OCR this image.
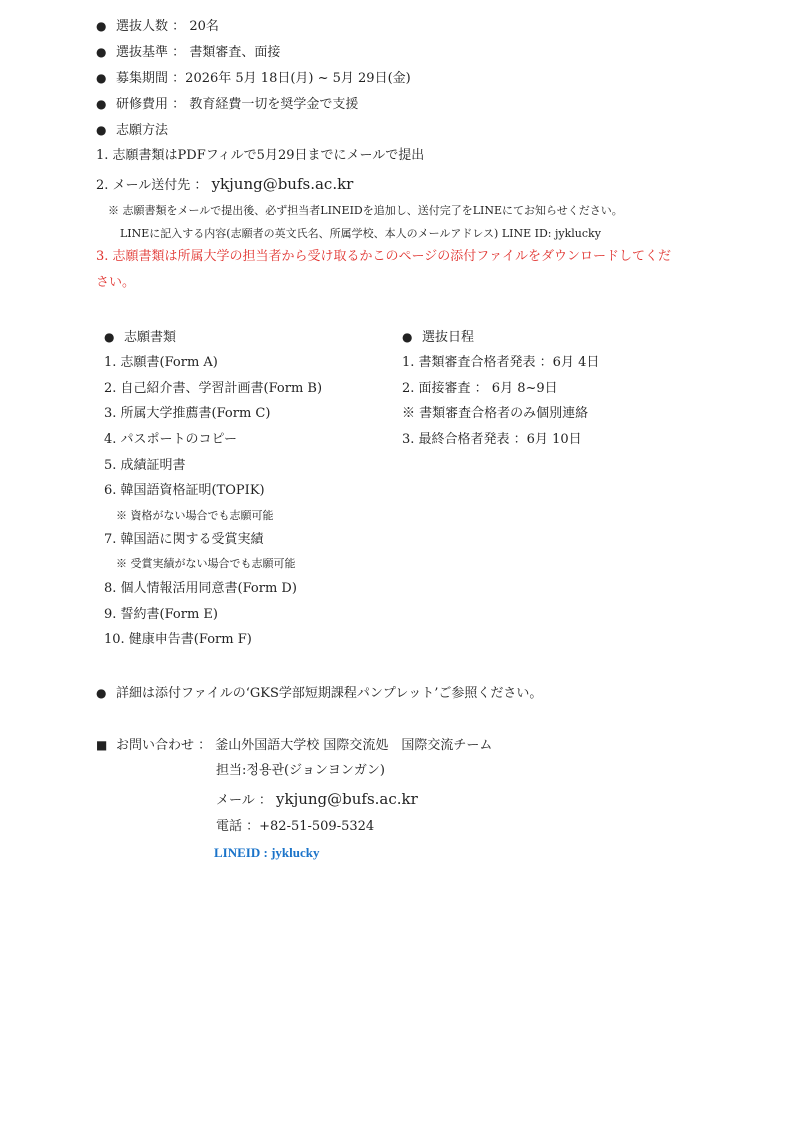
● 選抜人数 ： 20名
● 選抜基準 ： 書類審査、面接
● 募集期間 ：2026年 5月 18日(月) ~ 5月 29日(金)
● 研修費用 ： 教育経費一切を奨学金で支援
● 志願方法
1. 志願書類はPDFフィルで5月29日までにメールで提出
2. メール送付先 ： ykjung@bufs.ac.kr
※ 志願書類をメールで提出後、必ず担当者LINEIDを追加し、送付完了をLINEにてお知らせください。
LINEに記入する内容(志願者の英文氏名、所属学校、本人のメールアドレス) LINE ID: jyklucky
3. 志願書類は所属大学の担当者から受け取るかこのページの添付ファイルをダウンロードしてくだ
さい。
● 志願書類
1. 志願書(Form A)
2. 自己紹介書、学習計画書(Form B)
3. 所属大学推薦書(Form C)
4. パスポートのコピー
5. 成績証明書
6. 韓国語資格証明(TOPIK)
※ 資格がない場合でも志願可能
7. 韓国語に関する受賞実績
※ 受賞実績がない場合でも志願可能
8. 個人情報活用同意書(Form D)
9. 誓約書(Form E)
10. 健康申告書(Form F)
● 選抜日程
1. 書類審査合格者発表 ：6月 4日
2. 面接審査 ： 6月 8~9日
※ 書類審査合格者のみ個別連絡
3. 最終合格者発表 ：6月 10日
● 詳細は添付ファイルの‘GKS学部短期課程パンプレット’ご参照ください。
■ お問い合わせ ： 釜山外国語大学校 国際交流処　国際交流チーム
担当:정용관(ジョンヨンガン)
メール ： ykjung@bufs.ac.kr
電話 ：+82-51-509-5324
LINEID : jyklucky
